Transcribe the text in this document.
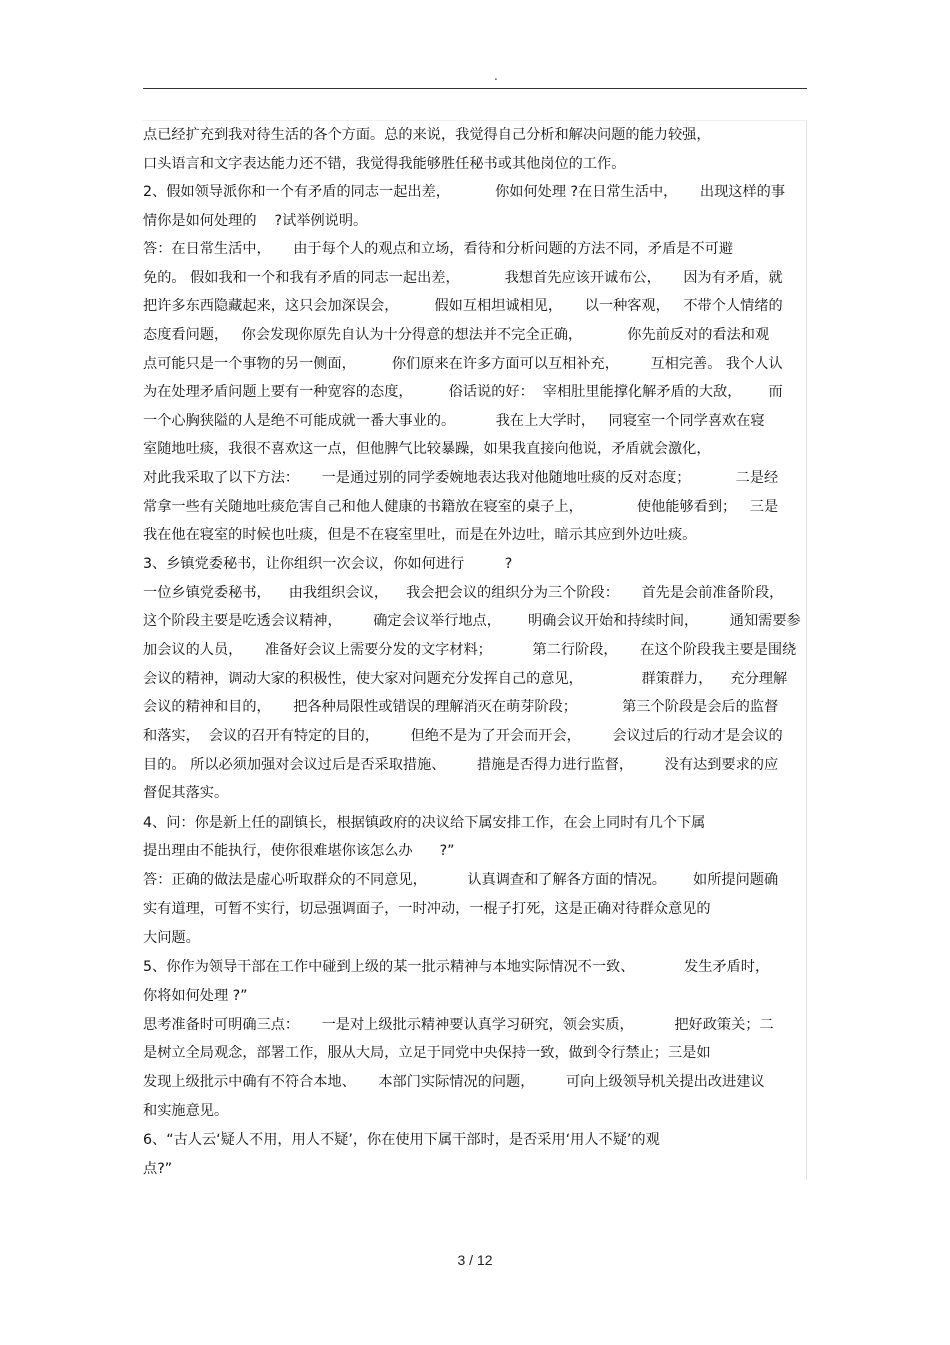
.
点已经扩充到我对待生活的各个方面。总的来说，我觉得自己分析和解决问题的能力较强，
口头语言和文字表达能力还不错，我觉得我能够胜任秘书或其他岗位的工作。
2、假如领导派你和一个有矛盾的同志一起出差，          你如何处理 ?在日常生活中，     出现这样的事
情你是如何处理的    ?试举例说明。
答：在日常生活中，     由于每个人的观点和立场，看待和分析问题的方法不同，矛盾是不可避
免的。 假如我和一个和我有矛盾的同志一起出差，          我想首先应该开诚布公，     因为有矛盾，就
把许多东西隐藏起来，这只会加深误会，        假如互相坦诚相见，     以一种客观，   不带个人情绪的
态度看问题，   你会发现你原先自认为十分得意的想法并不完全正确，          你先前反对的看法和观
点可能只是一个事物的另一侧面，        你们原来在许多方面可以互相补充，       互相完善。 我个人认
为在处理矛盾问题上要有一种宽容的态度，        俗话说的好：  宰相肚里能撑化解矛盾的大敌，      而
一个心胸狭隘的人是绝不可能成就一番大事业的。         我在上大学时，   同寝室一个同学喜欢在寝
室随地吐痰，我很不喜欢这一点，但他脾气比较暴躁，如果我直接向他说，矛盾就会激化，
对此我采取了以下方法：     一是通过别的同学委婉地表达我对他随地吐痰的反对态度；          二是经
常拿一些有关随地吐痰危害自己和他人健康的书籍放在寝室的桌子上，            使他能够看到；   三是
我在他在寝室的时候也吐痰，但是不在寝室里吐，而是在外边吐，暗示其应到外边吐痰。
3、乡镇党委秘书，让你组织一次会议，你如何进行         ?
一位乡镇党委秘书，    由我组织会议，    我会把会议的组织分为三个阶段：     首先是会前准备阶段，
这个阶段主要是吃透会议精神，       确定会议举行地点，      明确会议开始和持续时间，       通知需要参
加会议的人员，     准备好会议上需要分发的文字材料；         第二行阶段，     在这个阶段我主要是围绕
会议的精神，调动大家的积极性，使大家对问题充分发挥自己的意见，             群策群力，    充分理解
会议的精神和目的，     把各种局限性或错误的理解消灭在萌芽阶段；          第三个阶段是会后的监督
和落实，  会议的召开有特定的目的，       但绝不是为了开会而开会，       会议过后的行动才是会议的
目的。 所以必须加强对会议过后是否采取措施、       措施是否得力进行监督，       没有达到要求的应
督促其落实。
4、问：你是新上任的副镇长，根据镇政府的决议给下属安排工作，在会上同时有几个下属
提出理由不能执行，使你很难堪你该怎么办      ?”
答：正确的做法是虚心听取群众的不同意见，         认真调查和了解各方面的情况。      如所提问题确
实有道理，可暂不实行，切忌强调面子，一时冲动，一棍子打死，这是正确对待群众意见的
大问题。
5、你作为领导干部在工作中碰到上级的某一批示精神与本地实际情况不一致、           发生矛盾时，
你将如何处理 ?”
思考准备时可明确三点：     一是对上级批示精神要认真学习研究，领会实质，         把好政策关；二
是树立全局观念，部署工作，服从大局，立足于同党中央保持一致，做到令行禁止；三是如
发现上级批示中确有不符合本地、     本部门实际情况的问题，       可向上级领导机关提出改进建议
和实施意见。
6、“古人云‘疑人不用，用人不疑’，你在使用下属干部时，是否采用‘用人不疑’的观
点?”
3 / 12
